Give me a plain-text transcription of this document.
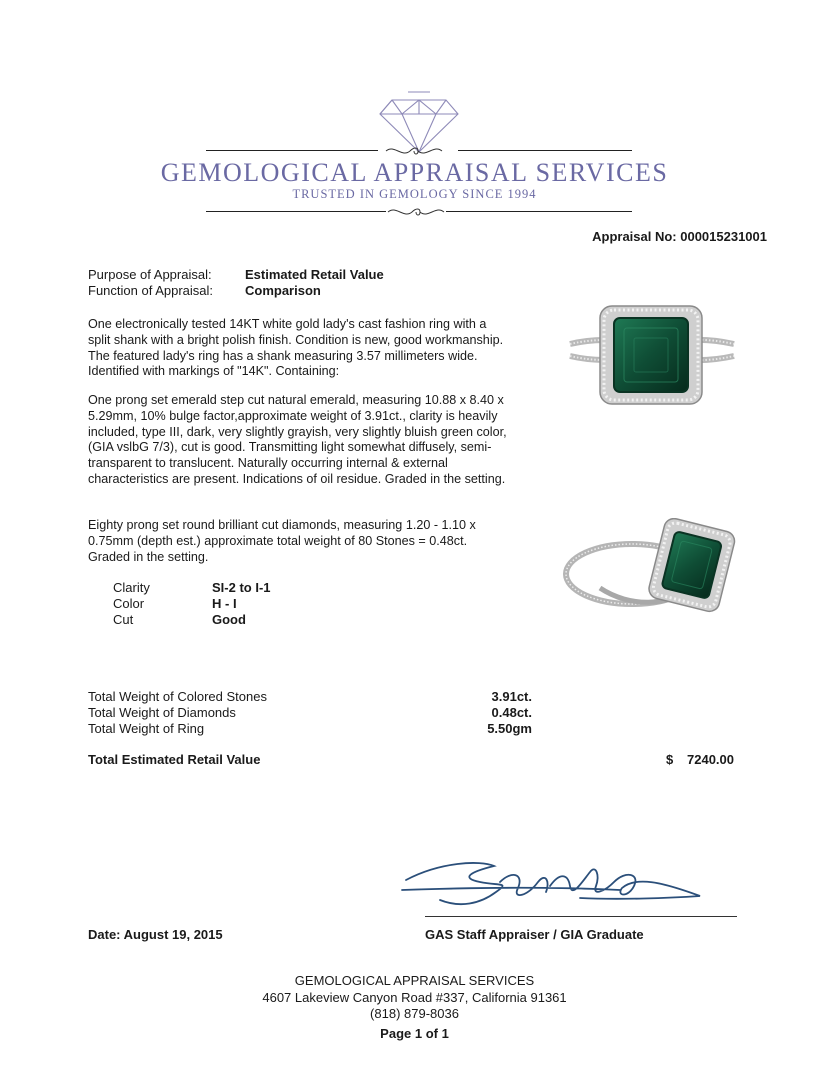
GEMOLOGICAL APPRAISAL SERVICES
TRUSTED IN GEMOLOGY SINCE 1994
Appraisal No: 000015231001
Purpose of Appraisal:	Estimated Retail Value
Function of Appraisal: Comparison
One electronically tested 14KT white gold lady's cast fashion ring with a split shank with a bright polish finish. Condition is new, good workmanship. The featured lady's ring has a shank measuring 3.57 millimeters wide. Identified with markings of "14K". Containing:
One prong set emerald step cut natural emerald, measuring 10.88 x 8.40 x 5.29mm, 10% bulge factor,approximate weight of 3.91ct., clarity is heavily included, type III, dark, very slightly grayish, very slightly bluish green color, (GIA vslbG 7/3), cut is good. Transmitting light somewhat diffusely, semi-transparent to translucent. Naturally occurring internal & external characteristics are present. Indications of oil residue. Graded in the setting.
Eighty prong set round brilliant cut diamonds, measuring 1.20 - 1.10 x 0.75mm (depth est.) approximate total weight of 80 Stones = 0.48ct. Graded in the setting.
Clarity	SI-2 to I-1
Color	H - I
Cut	Good
Total Weight of Colored Stones	3.91ct.
Total Weight of Diamonds	0.48ct.
Total Weight of Ring	5.50gm
Total Estimated Retail Value	$ 7240.00
Date: August 19, 2015	GAS Staff Appraiser / GIA Graduate
GEMOLOGICAL APPRAISAL SERVICES
4607 Lakeview Canyon Road #337, California 91361
(818) 879-8036
Page 1 of 1
